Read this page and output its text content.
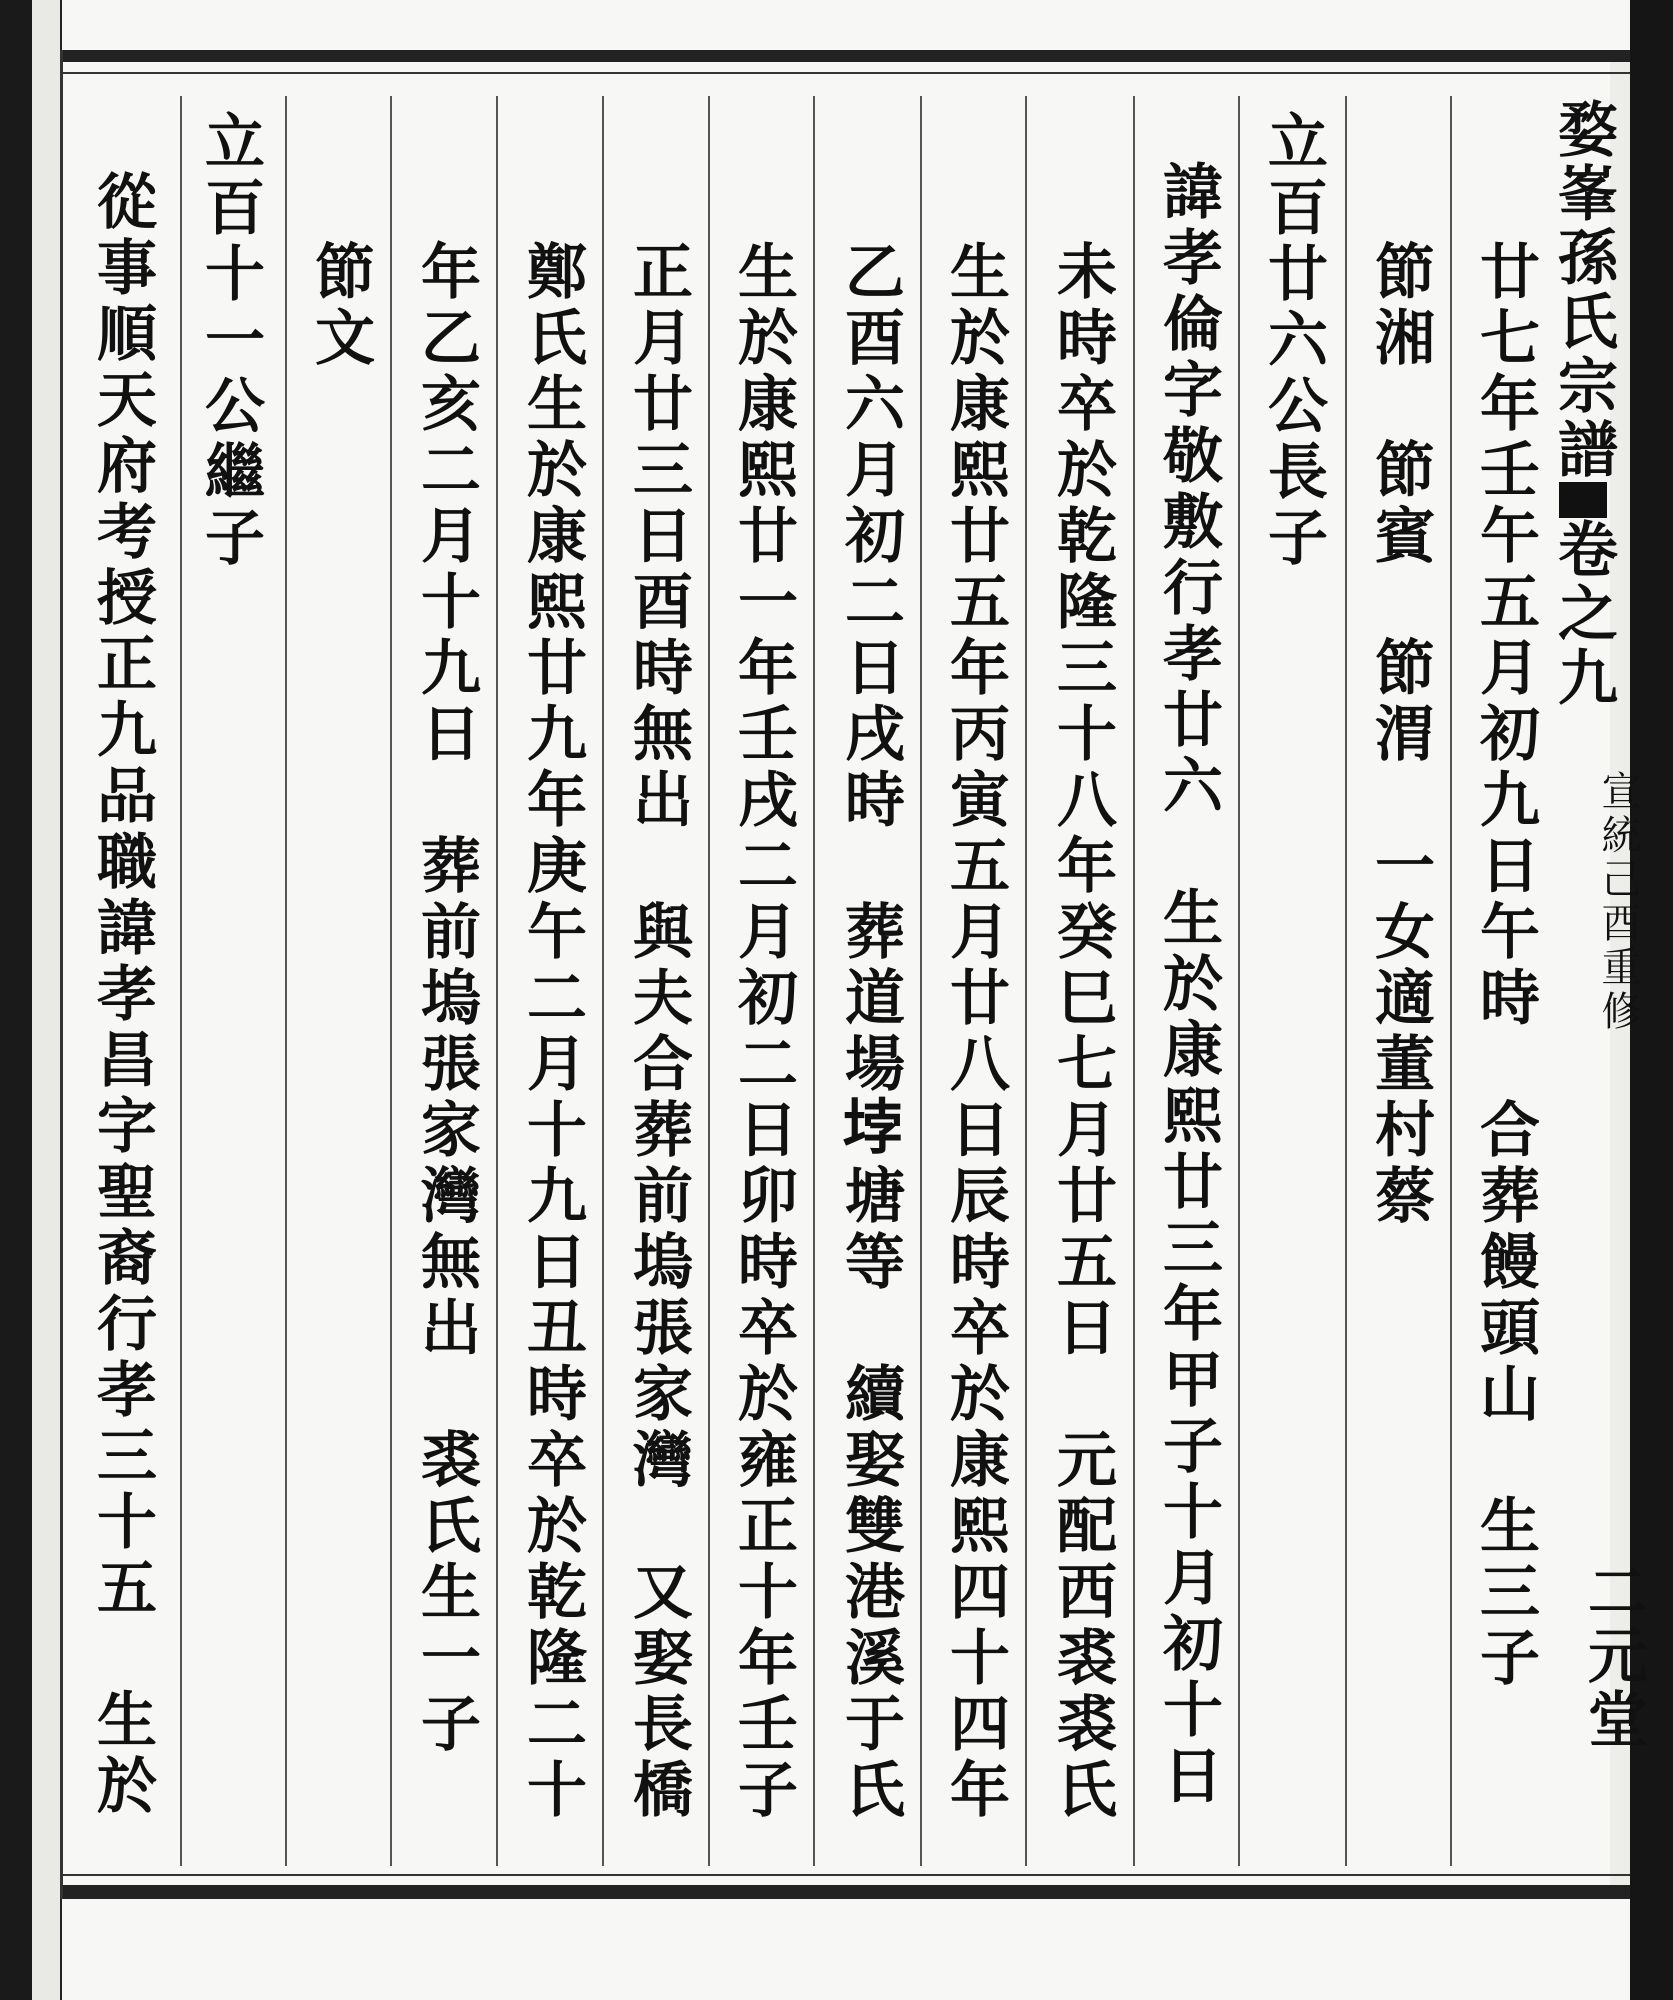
婺峯孫氏宗譜卷之九
宣統己酉重修
二元堂
廿七年壬午五月初九日午時　合葬饅頭山　生三子
節湘　節賓　節渭　一女適董村蔡
立百廿六公長子
諱孝倫字敬敷行孝廿六　生於康熙廿三年甲子十月初十日
未時卒於乾隆三十八年癸巳七月廿五日　元配西裘裘氏
生於康熙廿五年丙寅五月廿八日辰時卒於康熙四十四年
乙酉六月初二日戌時　葬道場𡋯塘等　續娶雙港溪于氏
生於康熙廿一年壬戌二月初二日卯時卒於雍正十年壬子
正月廿三日酉時無出　與夫合葬前塢張家灣　又娶長橋
鄭氏生於康熙廿九年庚午二月十九日丑時卒於乾隆二十
年乙亥二月十九日　葬前塢張家灣無出　裘氏生一子
節文
立百十一公繼子
從事順天府考授正九品職諱孝昌字聖裔行孝三十五　生於
